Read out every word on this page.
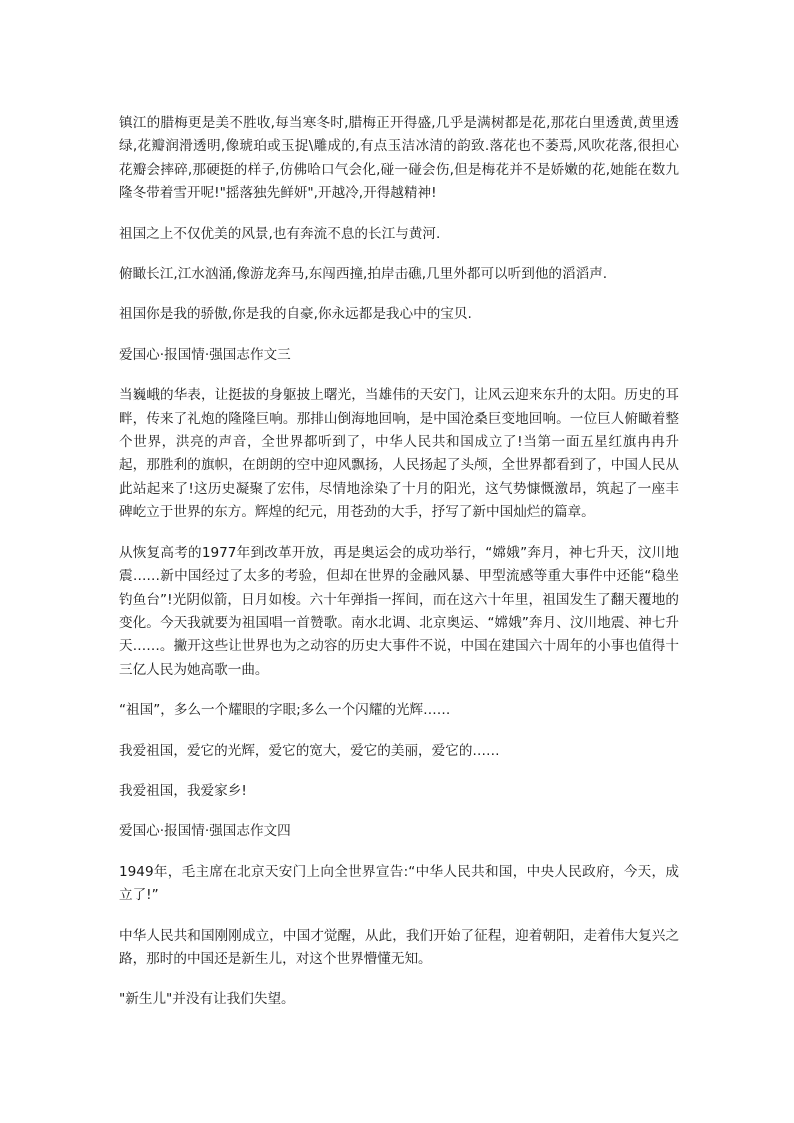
镇江的腊梅更是美不胜收,每当寒冬时,腊梅正开得盛,几乎是满树都是花,那花白里透黄,黄里透绿,花瓣润滑透明,像琥珀或玉捉\雕成的,有点玉洁冰清的韵致.落花也不萎焉,风吹花落,很担心花瓣会摔碎,那硬挺的样子,仿佛哈口气会化,碰一碰会伤,但是梅花并不是娇嫩的花,她能在数九隆冬带着雪开呢!"摇落独先鲜妍",开越冷,开得越精神!

祖国之上不仅优美的风景,也有奔流不息的长江与黄河.

俯瞰长江,江水汹涌,像游龙奔马,东闯西撞,拍岸击礁,几里外都可以听到他的滔滔声.

祖国你是我的骄傲,你是我的自豪,你永远都是我心中的宝贝.

爱国心·报国情·强国志作文三

当巍峨的华表，让挺拔的身躯披上曙光，当雄伟的天安门，让风云迎来东升的太阳。历史的耳畔，传来了礼炮的隆隆巨响。那排山倒海地回响，是中国沧桑巨变地回响。一位巨人俯瞰着整个世界，洪亮的声音，全世界都听到了，中华人民共和国成立了!当第一面五星红旗冉冉升起，那胜利的旗帜，在朗朗的空中迎风飘扬，人民扬起了头颅，全世界都看到了，中国人民从此站起来了!这历史凝聚了宏伟，尽情地涂染了十月的阳光，这气势慷慨激昂，筑起了一座丰碑屹立于世界的东方。辉煌的纪元，用苍劲的大手，抒写了新中国灿烂的篇章。

从恢复高考的1977年到改革开放，再是奥运会的成功举行，“嫦娥”奔月，神七升天，汶川地震……新中国经过了太多的考验，但却在世界的金融风暴、甲型流感等重大事件中还能“稳坐钓鱼台”!光阴似箭，日月如梭。六十年弹指一挥间，而在这六十年里，祖国发生了翻天覆地的变化。今天我就要为祖国唱一首赞歌。南水北调、北京奥运、“嫦娥”奔月、汶川地震、神七升天……。撇开这些让世界也为之动容的历史大事件不说，中国在建国六十周年的小事也值得十三亿人民为她高歌一曲。

“祖国”，多么一个耀眼的字眼;多么一个闪耀的光辉……

我爱祖国，爱它的光辉，爱它的宽大，爱它的美丽，爱它的……

我爱祖国，我爱家乡!

爱国心·报国情·强国志作文四

1949年，毛主席在北京天安门上向全世界宣告:“中华人民共和国，中央人民政府，今天，成立了!”

中华人民共和国刚刚成立，中国才觉醒，从此，我们开始了征程，迎着朝阳，走着伟大复兴之路，那时的中国还是新生儿，对这个世界懵懂无知。

"新生儿"并没有让我们失望。
